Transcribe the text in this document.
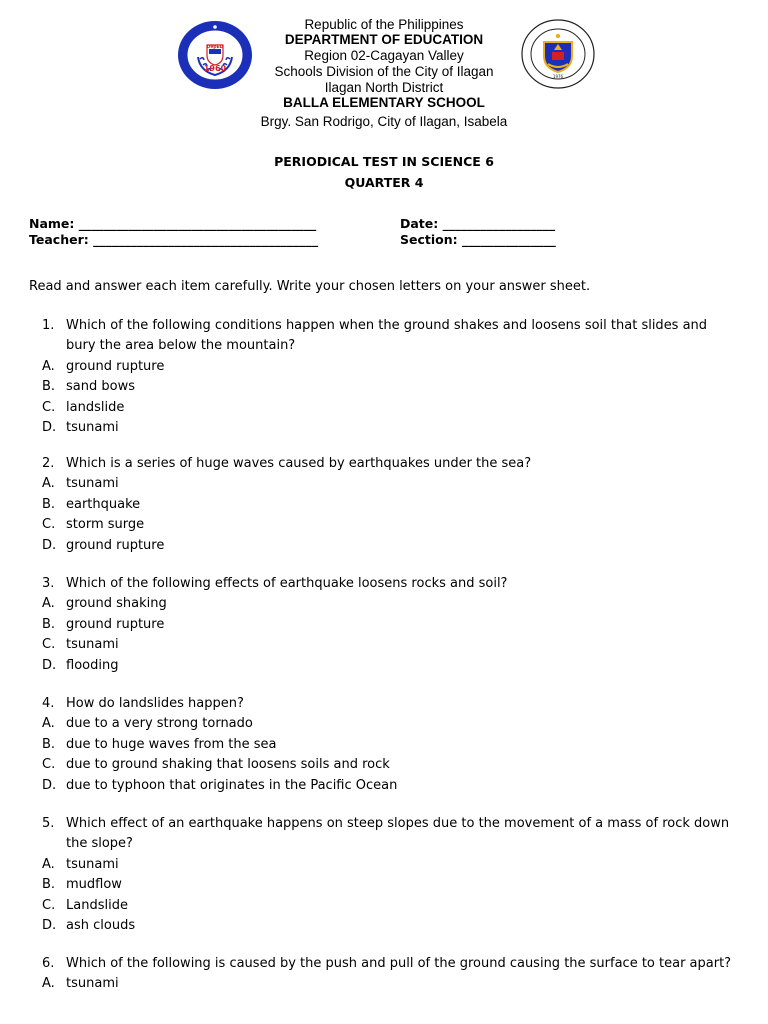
DepED
1960
1976
Republic of the Philippines
DEPARTMENT OF EDUCATION
Region 02-Cagayan Valley
Schools Division of the City of Ilagan
Ilagan North District
BALLA ELEMENTARY SCHOOL
Brgy. San Rodrigo, City of Ilagan, Isabela
PERIODICAL TEST IN SCIENCE 6
QUARTER 4
Name: ______________________________________	Date: __________________
Teacher: ____________________________________	Section: _______________
Read and answer each item carefully. Write your chosen letters on your answer sheet.
1. Which of the following conditions happen when the ground shakes and loosens soil that slides and bury the area below the mountain?
A. ground rupture
B. sand bows
C. landslide
D. tsunami
2. Which is a series of huge waves caused by earthquakes under the sea?
A. tsunami
B. earthquake
C. storm surge
D. ground rupture
3. Which of the following effects of earthquake loosens rocks and soil?
A. ground shaking
B. ground rupture
C. tsunami
D. flooding
4. How do landslides happen?
A. due to a very strong tornado
B. due to huge waves from the sea
C. due to ground shaking that loosens soils and rock
D. due to typhoon that originates in the Pacific Ocean
5. Which effect of an earthquake happens on steep slopes due to the movement of a mass of rock down the slope?
A. tsunami
B. mudflow
C. Landslide
D. ash clouds
6. Which of the following is caused by the push and pull of the ground causing the surface to tear apart?
A. tsunami
